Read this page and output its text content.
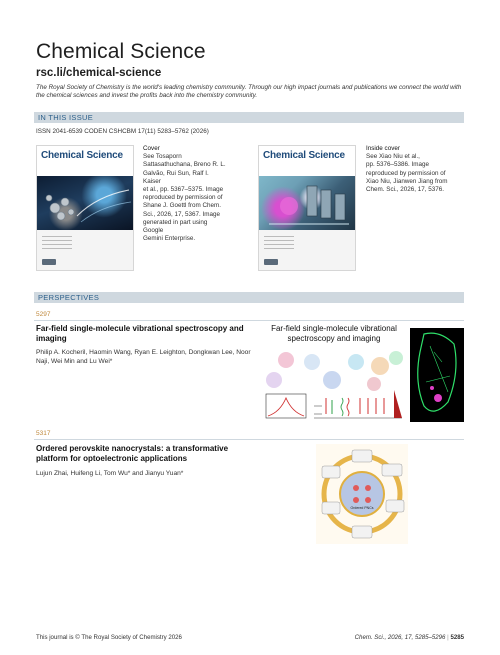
Chemical Science
rsc.li/chemical-science
The Royal Society of Chemistry is the world's leading chemistry community. Through our high impact journals and publications we connect the world with the chemical sciences and invest the profits back into the chemistry community.
IN THIS ISSUE
ISSN 2041-6539 CODEN CSHCBM 17(11) 5283–5762 (2026)
Chemical Science
Cover
See Tosaporn
Sattasathuchana, Breno R. L.
Galvão, Rui Sun, Ralf I. Kaiser
et al., pp. 5367–5375. Image
reproduced by permission of
Shane J. Goettl from Chem.
Sci., 2026, 17, 5367. Image
generated in part using Google
Gemini Enterprise.
Chemical Science
Inside cover
See Xiao Niu et al.,
pp. 5376–5386. Image
reproduced by permission of
Xiao Niu, Jianwen Jiang from
Chem. Sci., 2026, 17, 5376.
PERSPECTIVES
5297
Far-field single-molecule vibrational spectroscopy and imaging
Philip A. Kocheril, Haomin Wang, Ryan E. Leighton, Dongkwan Lee, Noor Naji, Wei Min and Lu Wei*
Far-field single-molecule vibrational spectroscopy and imaging
5317
Ordered perovskite nanocrystals: a transformative platform for optoelectronic applications
Lujun Zhai, Huifeng Li, Tom Wu* and Jianyu Yuan*
Ordered PNCs
This journal is © The Royal Society of Chemistry 2026	Chem. Sci., 2026, 17, 5285–5296 | 5285
